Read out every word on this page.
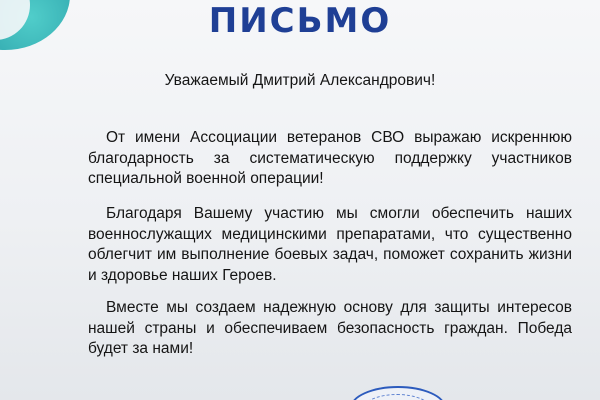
ПИСЬМО
Уважаемый Дмитрий Александрович!
От имени Ассоциации ветеранов СВО выражаю искреннюю благодарность за систематическую поддержку участников специальной военной операции!
Благодаря Вашему участию мы смогли обеспечить наших военнослужащих медицинскими препаратами, что существенно облегчит им выполнение боевых задач, поможет сохранить жизни и здоровье наших Героев.
Вместе мы создаем надежную основу для защиты интересов нашей страны и обеспечиваем безопасность граждан. Победа будет за нами!
